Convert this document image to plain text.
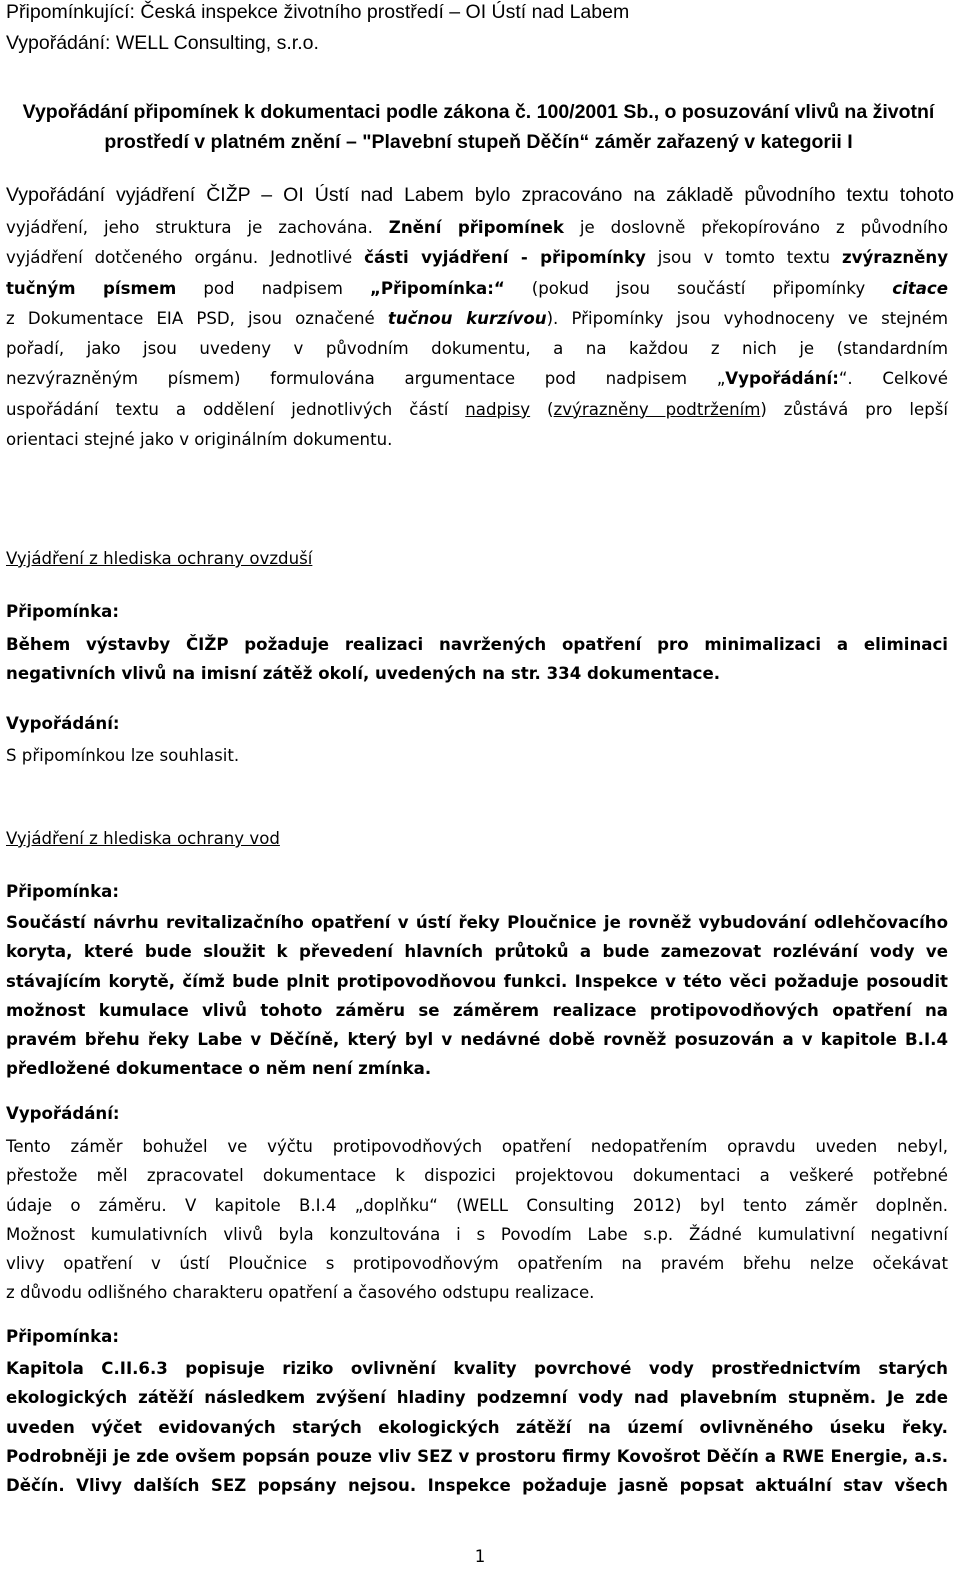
Připomínkující: Česká inspekce životního prostředí – OI Ústí nad Labem
Vypořádání: WELL Consulting, s.r.o.
Vypořádání připomínek k dokumentaci podle zákona č. 100/2001 Sb., o posuzování vlivů na životní
prostředí v platném znění – "Plavební stupeň Děčín“ záměr zařazený v kategorii I
Vypořádání vyjádření ČIŽP – OI Ústí nad Labem bylo zpracováno na základě původního textu tohoto
vyjádření, jeho struktura je zachována. Znění připomínek je doslovně překopírováno z původního
vyjádření dotčeného orgánu. Jednotlivé části vyjádření - připomínky jsou v tomto textu zvýrazněny
tučným písmem pod nadpisem „Připomínka:“ (pokud jsou součástí připomínky citace
z Dokumentace EIA PSD, jsou označené tučnou kurzívou). Připomínky jsou vyhodnoceny ve stejném
pořadí, jako jsou uvedeny v původním dokumentu, a na každou z nich je (standardním
nezvýrazněným písmem) formulována argumentace pod nadpisem „Vypořádání:“. Celkové
uspořádání textu a oddělení jednotlivých částí nadpisy (zvýrazněny podtržením) zůstává pro lepší
orientaci stejné jako v originálním dokumentu.
Vyjádření z hlediska ochrany ovzduší
Připomínka:
Během výstavby ČIŽP požaduje realizaci navržených opatření pro minimalizaci a eliminaci
negativních vlivů na imisní zátěž okolí, uvedených na str. 334 dokumentace.
Vypořádání:
S připomínkou lze souhlasit.
Vyjádření z hlediska ochrany vod
Připomínka:
Součástí návrhu revitalizačního opatření v ústí řeky Ploučnice je rovněž vybudování odlehčovacího
koryta, které bude sloužit k převedení hlavních průtoků a bude zamezovat rozlévání vody ve
stávajícím korytě, čímž bude plnit protipovodňovou funkci. Inspekce v této věci požaduje posoudit
možnost kumulace vlivů tohoto záměru se záměrem realizace protipovodňových opatření na
pravém břehu řeky Labe v Děčíně, který byl v nedávné době rovněž posuzován a v kapitole B.I.4
předložené dokumentace o něm není zmínka.
Vypořádání:
Tento záměr bohužel ve výčtu protipovodňových opatření nedopatřením opravdu uveden nebyl,
přestože měl zpracovatel dokumentace k dispozici projektovou dokumentaci a veškeré potřebné
údaje o záměru. V kapitole B.I.4 „doplňku“ (WELL Consulting 2012) byl tento záměr doplněn.
Možnost kumulativních vlivů byla konzultována i s Povodím Labe s.p. Žádné kumulativní negativní
vlivy opatření v ústí Ploučnice s protipovodňovým opatřením na pravém břehu nelze očekávat
z důvodu odlišného charakteru opatření a časového odstupu realizace.
Připomínka:
Kapitola C.II.6.3 popisuje riziko ovlivnění kvality povrchové vody prostřednictvím starých
ekologických zátěží následkem zvýšení hladiny podzemní vody nad plavebním stupněm. Je zde
uveden výčet evidovaných starých ekologických zátěží na území ovlivněného úseku řeky.
Podrobněji je zde ovšem popsán pouze vliv SEZ v prostoru firmy Kovošrot Děčín a RWE Energie, a.s.
Děčín. Vlivy dalších SEZ popsány nejsou. Inspekce požaduje jasně popsat aktuální stav všech
1
